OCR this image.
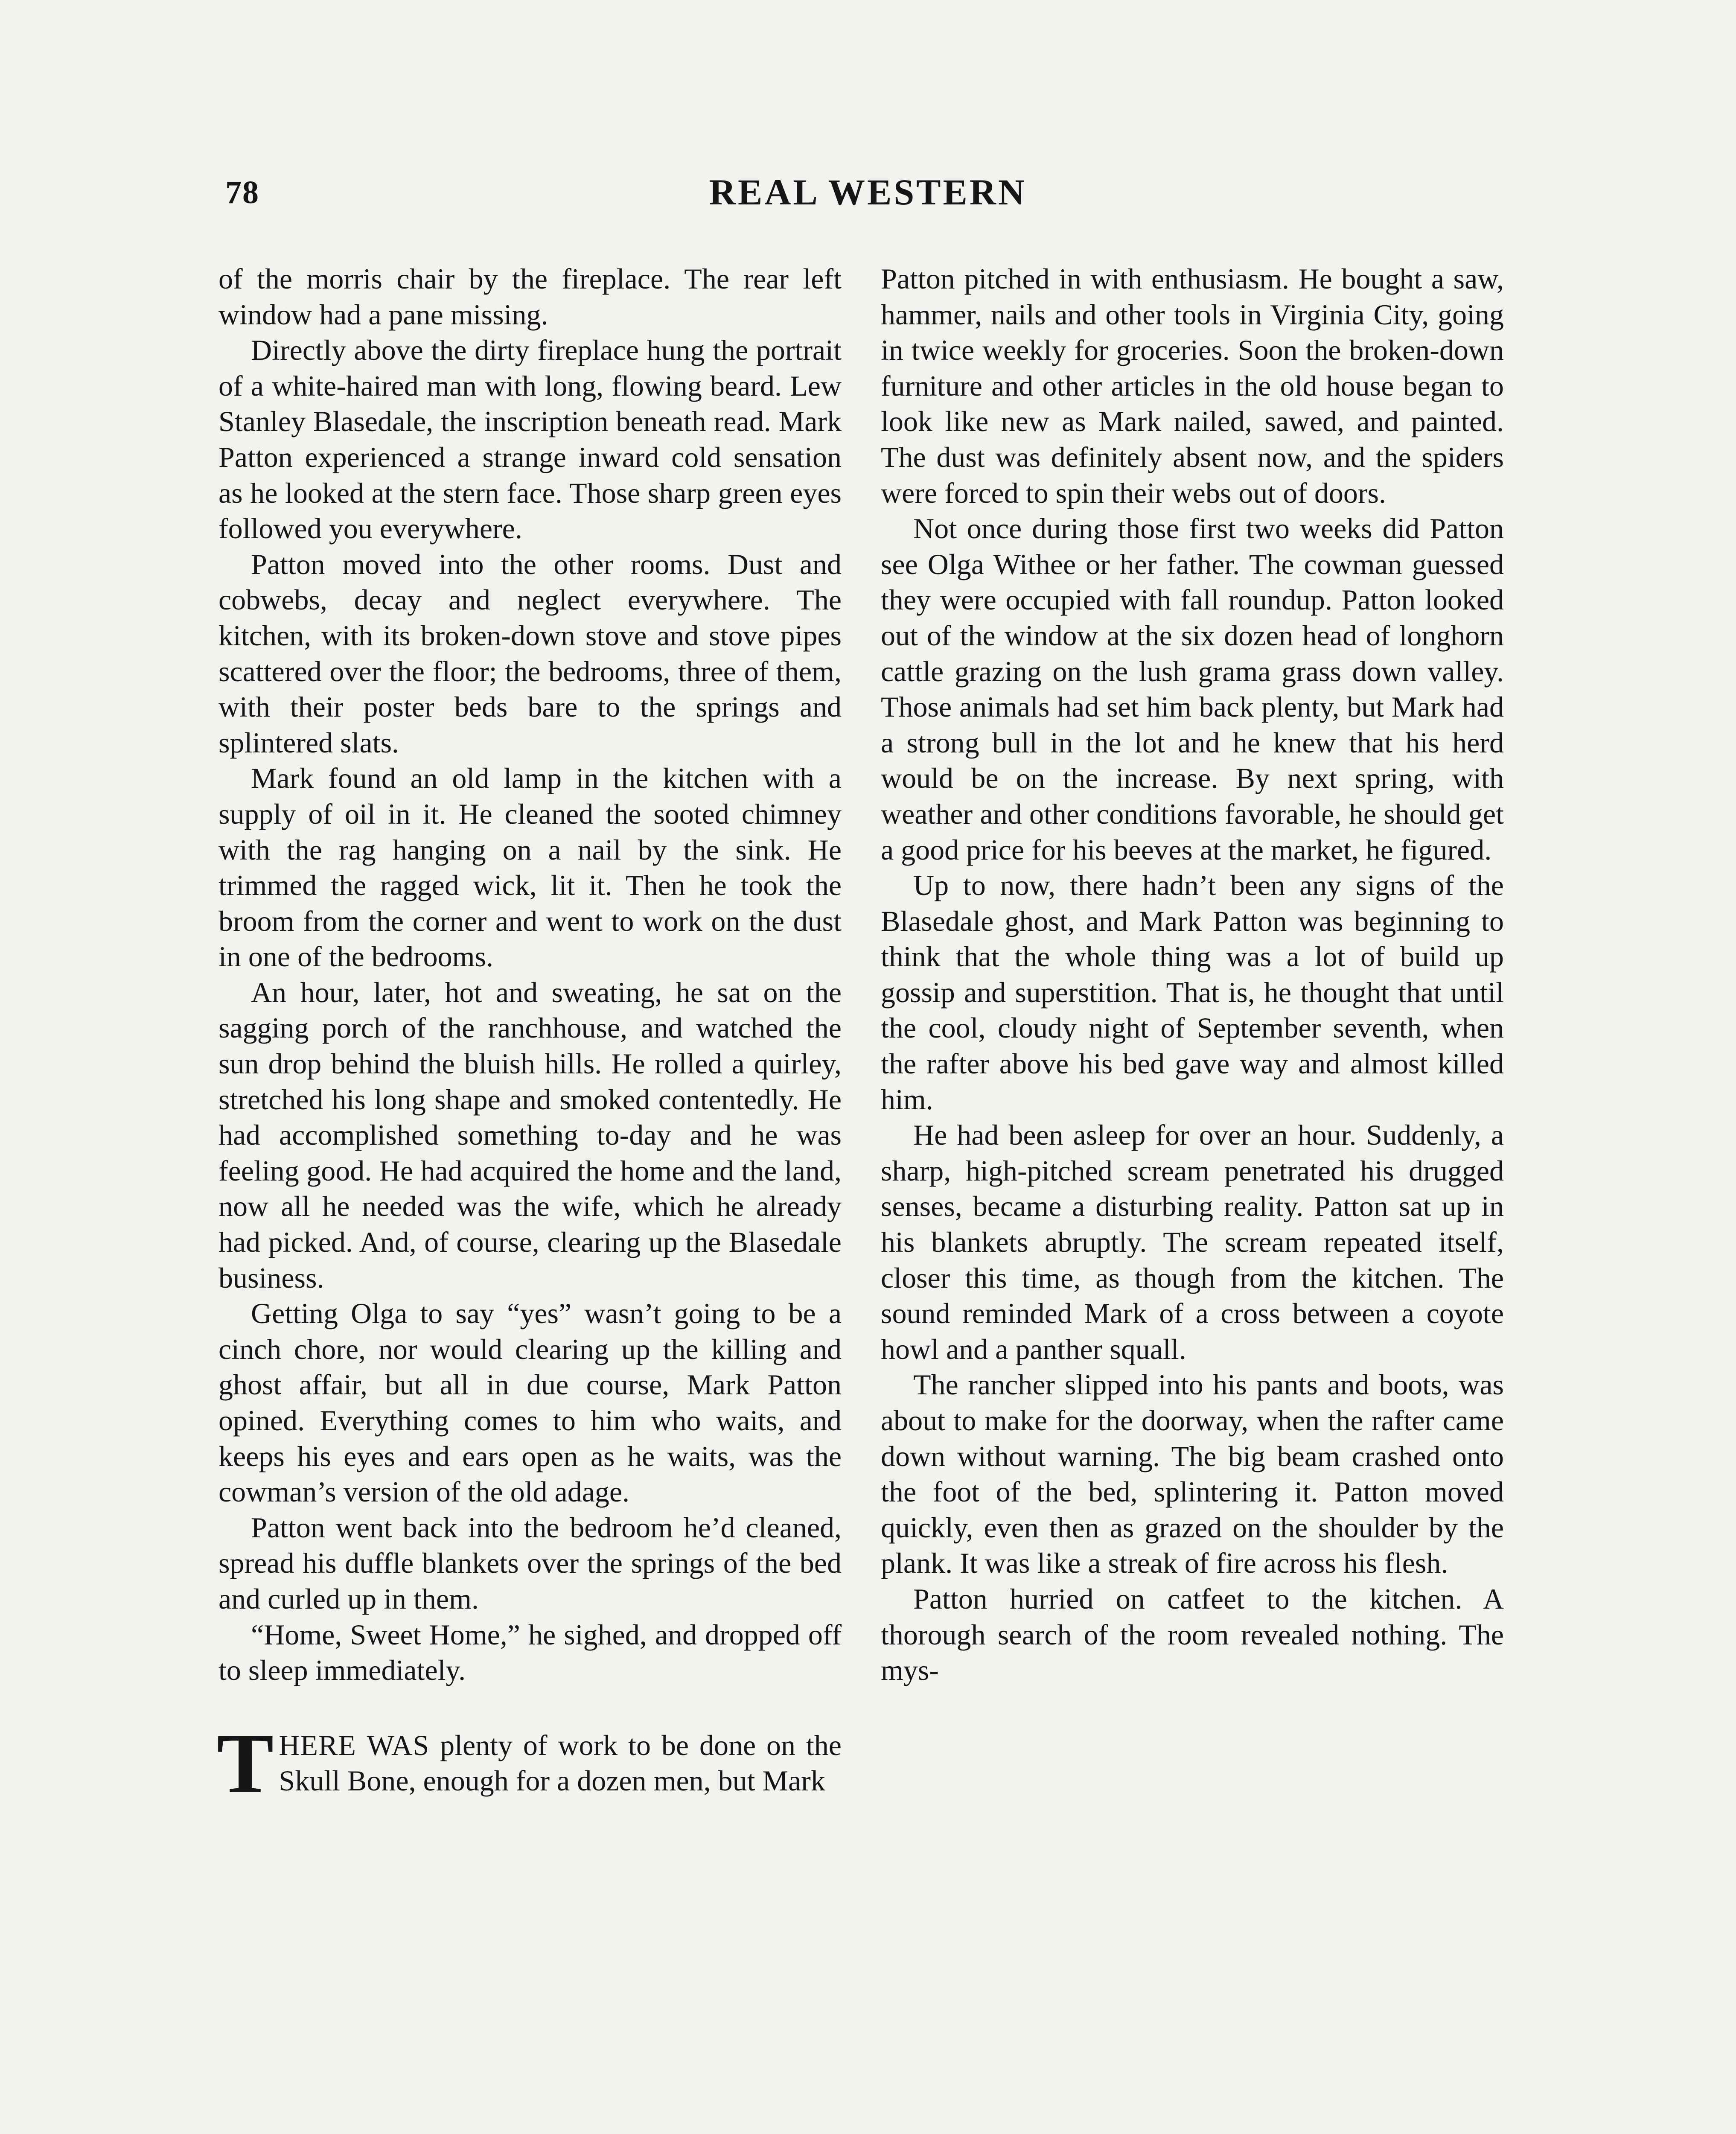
78	REAL WESTERN

of the morris chair by the fireplace. The rear left window had a pane missing.

Directly above the dirty fireplace hung the portrait of a white-haired man with long, flowing beard. Lew Stanley Blasedale, the inscription beneath read. Mark Patton experienced a strange inward cold sensation as he looked at the stern face. Those sharp green eyes followed you everywhere.

Patton moved into the other rooms. Dust and cobwebs, decay and neglect everywhere. The kitchen, with its broken-down stove and stove pipes scattered over the floor; the bedrooms, three of them, with their poster beds bare to the springs and splintered slats.

Mark found an old lamp in the kitchen with a supply of oil in it. He cleaned the sooted chimney with the rag hanging on a nail by the sink. He trimmed the ragged wick, lit it. Then he took the broom from the corner and went to work on the dust in one of the bedrooms.

An hour, later, hot and sweating, he sat on the sagging porch of the ranchhouse, and watched the sun drop behind the bluish hills. He rolled a quirley, stretched his long shape and smoked contentedly. He had accomplished something to-day and he was feeling good. He had acquired the home and the land, now all he needed was the wife, which he already had picked. And, of course, clearing up the Blasedale business.

Getting Olga to say “yes” wasn’t going to be a cinch chore, nor would clearing up the killing and ghost affair, but all in due course, Mark Patton opined. Everything comes to him who waits, and keeps his eyes and ears open as he waits, was the cowman’s version of the old adage.

Patton went back into the bedroom he’d cleaned, spread his duffle blankets over the springs of the bed and curled up in them.

“Home, Sweet Home,” he sighed, and dropped off to sleep immediately.

THERE WAS plenty of work to be done on the Skull Bone, enough for a dozen men, but Mark

Patton pitched in with enthusiasm. He bought a saw, hammer, nails and other tools in Virginia City, going in twice weekly for groceries. Soon the broken-down furniture and other articles in the old house began to look like new as Mark nailed, sawed, and painted. The dust was definitely absent now, and the spiders were forced to spin their webs out of doors.

Not once during those first two weeks did Patton see Olga Withee or her father. The cowman guessed they were occupied with fall roundup. Patton looked out of the window at the six dozen head of longhorn cattle grazing on the lush grama grass down valley. Those animals had set him back plenty, but Mark had a strong bull in the lot and he knew that his herd would be on the increase. By next spring, with weather and other conditions favorable, he should get a good price for his beeves at the market, he figured.

Up to now, there hadn’t been any signs of the Blasedale ghost, and Mark Patton was beginning to think that the whole thing was a lot of build up gossip and superstition. That is, he thought that until the cool, cloudy night of September seventh, when the rafter above his bed gave way and almost killed him.

He had been asleep for over an hour. Suddenly, a sharp, high-pitched scream penetrated his drugged senses, became a disturbing reality. Patton sat up in his blankets abruptly. The scream repeated itself, closer this time, as though from the kitchen. The sound reminded Mark of a cross between a coyote howl and a panther squall.

The rancher slipped into his pants and boots, was about to make for the doorway, when the rafter came down without warning. The big beam crashed onto the foot of the bed, splintering it. Patton moved quickly, even then as grazed on the shoulder by the plank. It was like a streak of fire across his flesh.

Patton hurried on catfeet to the kitchen. A thorough search of the room revealed nothing. The mys-
